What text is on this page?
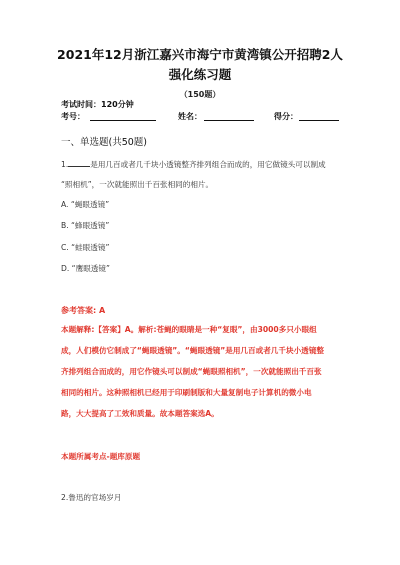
2021年12月浙江嘉兴市海宁市黄湾镇公开招聘2人
强化练习题
（150题）
考试时间：120分钟
考号：	姓名：	得分：
一、单选题(共50题)
1.	是用几百或者几千块小透镜整齐排列组合而成的，用它做镜头可以制成
“照相机”，一次就能照出千百张相同的相片。
A. “蝇眼透镜”
B. “蜂眼透镜”
C. “蛙眼透镜”
D. “鹰眼透镜”
参考答案: A
本题解释:【答案】A。解析:苍蝇的眼睛是一种“复眼”，由3000多只小眼组
成，人们模仿它制成了“蝇眼透镜”。“蝇眼透镜”是用几百或者几千块小透镜整
齐排列组合而成的，用它作镜头可以制成“蝇眼照相机”，一次就能照出千百张
相同的相片。这种照相机已经用于印刷制版和大量复制电子计算机的微小电
路，大大提高了工效和质量。故本题答案选A。
本题所属考点-题库原题
2.鲁迅的官场岁月
